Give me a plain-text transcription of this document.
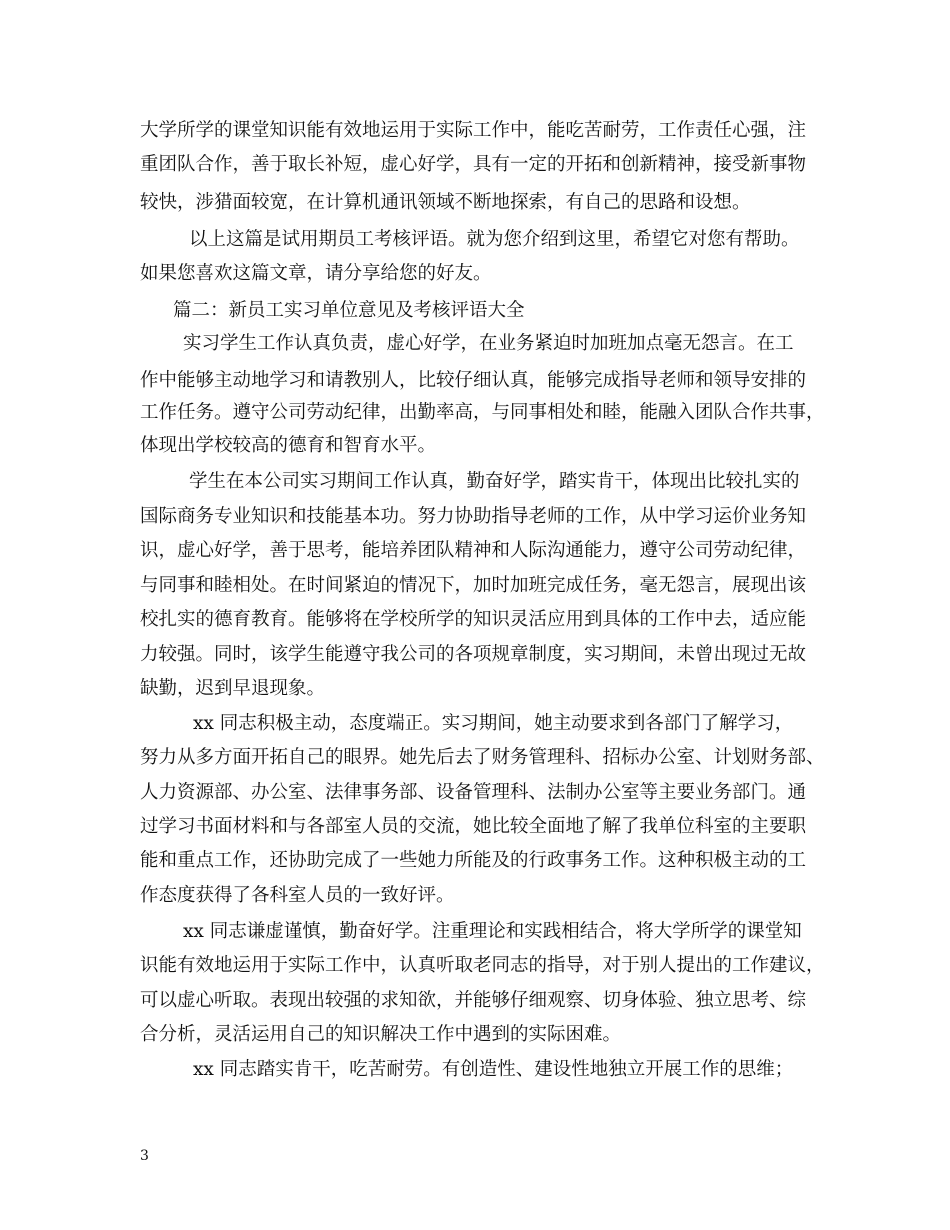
大学所学的课堂知识能有效地运用于实际工作中，能吃苦耐劳，工作责任心强，注
重团队合作，善于取长补短，虚心好学，具有一定的开拓和创新精神，接受新事物
较快，涉猎面较宽，在计算机通讯领域不断地探索，有自己的思路和设想。
以上这篇是试用期员工考核评语。就为您介绍到这里，希望它对您有帮助。
如果您喜欢这篇文章，请分享给您的好友。
篇二：新员工实习单位意见及考核评语大全
实习学生工作认真负责，虚心好学，在业务紧迫时加班加点毫无怨言。在工
作中能够主动地学习和请教别人，比较仔细认真，能够完成指导老师和领导安排的
工作任务。遵守公司劳动纪律，出勤率高，与同事相处和睦，能融入团队合作共事，
体现出学校较高的德育和智育水平。
学生在本公司实习期间工作认真，勤奋好学，踏实肯干，体现出比较扎实的
国际商务专业知识和技能基本功。努力协助指导老师的工作，从中学习运价业务知
识，虚心好学，善于思考，能培养团队精神和人际沟通能力，遵守公司劳动纪律，
与同事和睦相处。在时间紧迫的情况下，加时加班完成任务，毫无怨言，展现出该
校扎实的德育教育。能够将在学校所学的知识灵活应用到具体的工作中去，适应能
力较强。同时，该学生能遵守我公司的各项规章制度，实习期间，未曾出现过无故
缺勤，迟到早退现象。
xx 同志积极主动，态度端正。实习期间，她主动要求到各部门了解学习，
努力从多方面开拓自己的眼界。她先后去了财务管理科、招标办公室、计划财务部、
人力资源部、办公室、法律事务部、设备管理科、法制办公室等主要业务部门。通
过学习书面材料和与各部室人员的交流，她比较全面地了解了我单位科室的主要职
能和重点工作，还协助完成了一些她力所能及的行政事务工作。这种积极主动的工
作态度获得了各科室人员的一致好评。
xx 同志谦虚谨慎，勤奋好学。注重理论和实践相结合，将大学所学的课堂知
识能有效地运用于实际工作中，认真听取老同志的指导，对于别人提出的工作建议，
可以虚心听取。表现出较强的求知欲，并能够仔细观察、切身体验、独立思考、综
合分析，灵活运用自己的知识解决工作中遇到的实际困难。
xx 同志踏实肯干，吃苦耐劳。有创造性、建设性地独立开展工作的思维；
3
